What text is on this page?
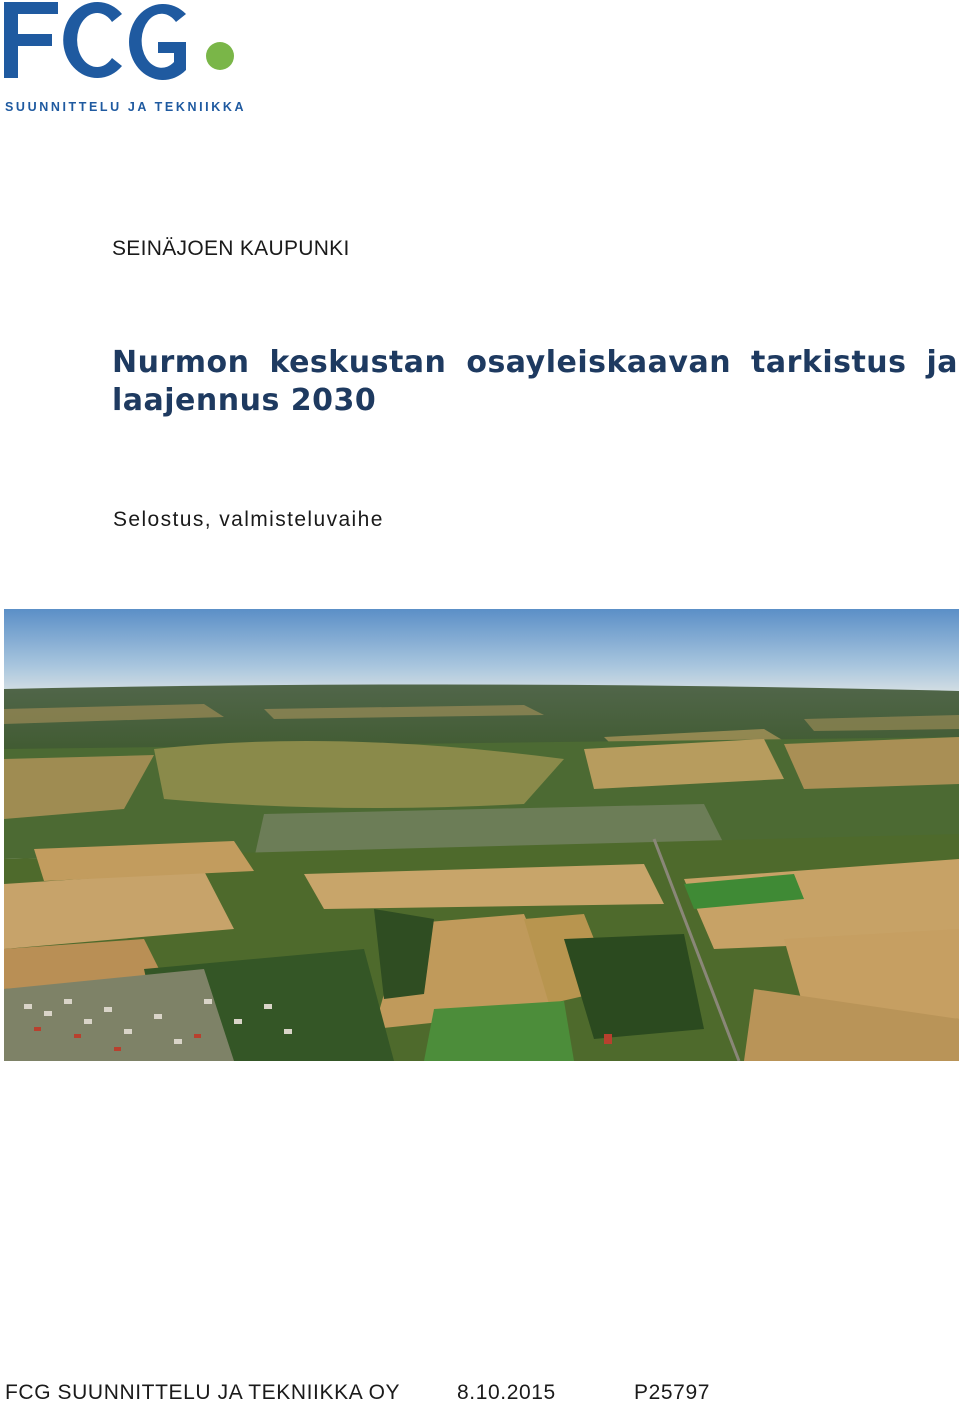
SUUNNITTELU JA TEKNIIKKA
SEINÄJOEN KAUPUNKI
Nurmon keskustan osayleiskaavan tarkistus ja
laajennus 2030
Selostus, valmisteluvaihe
FCG SUUNNITTELU JA TEKNIIKKA OY	8.10.2015	P25797
